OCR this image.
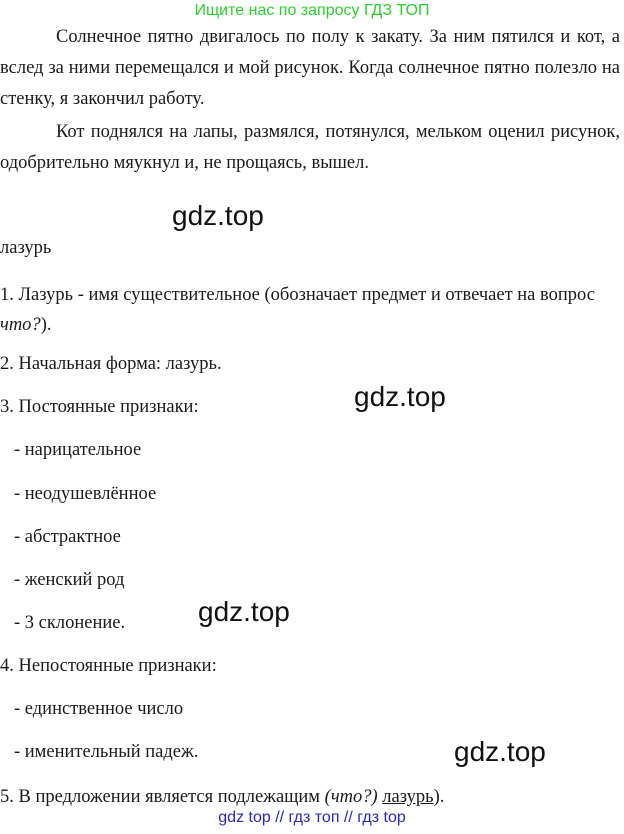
Ищите нас по запросу ГДЗ ТОП

Солнечное пятно двигалось по полу к закату. За ним пятился и кот, а вслед за ними перемещался и мой рисунок. Когда солнечное пятно полезло на стенку, я закончил работу.

Кот поднялся на лапы, размялся, потянулся, мельком оценил рисунок, одобрительно мяукнул и, не прощаясь, вышел.

gdz.top
лазурь
1. Лазурь - имя существительное (обозначает предмет и отвечает на вопрос что?).
2. Начальная форма: лазурь.
3. Постоянные признаки:	gdz.top
- нарицательное
- неодушевлённое
- абстрактное
- женский род
- 3 склонение.	gdz.top
4. Непостоянные признаки:
- единственное число
- именительный падеж.	gdz.top
5. В предложении является подлежащим (что?) лазурь).
gdz top // гдз топ // гдз top
